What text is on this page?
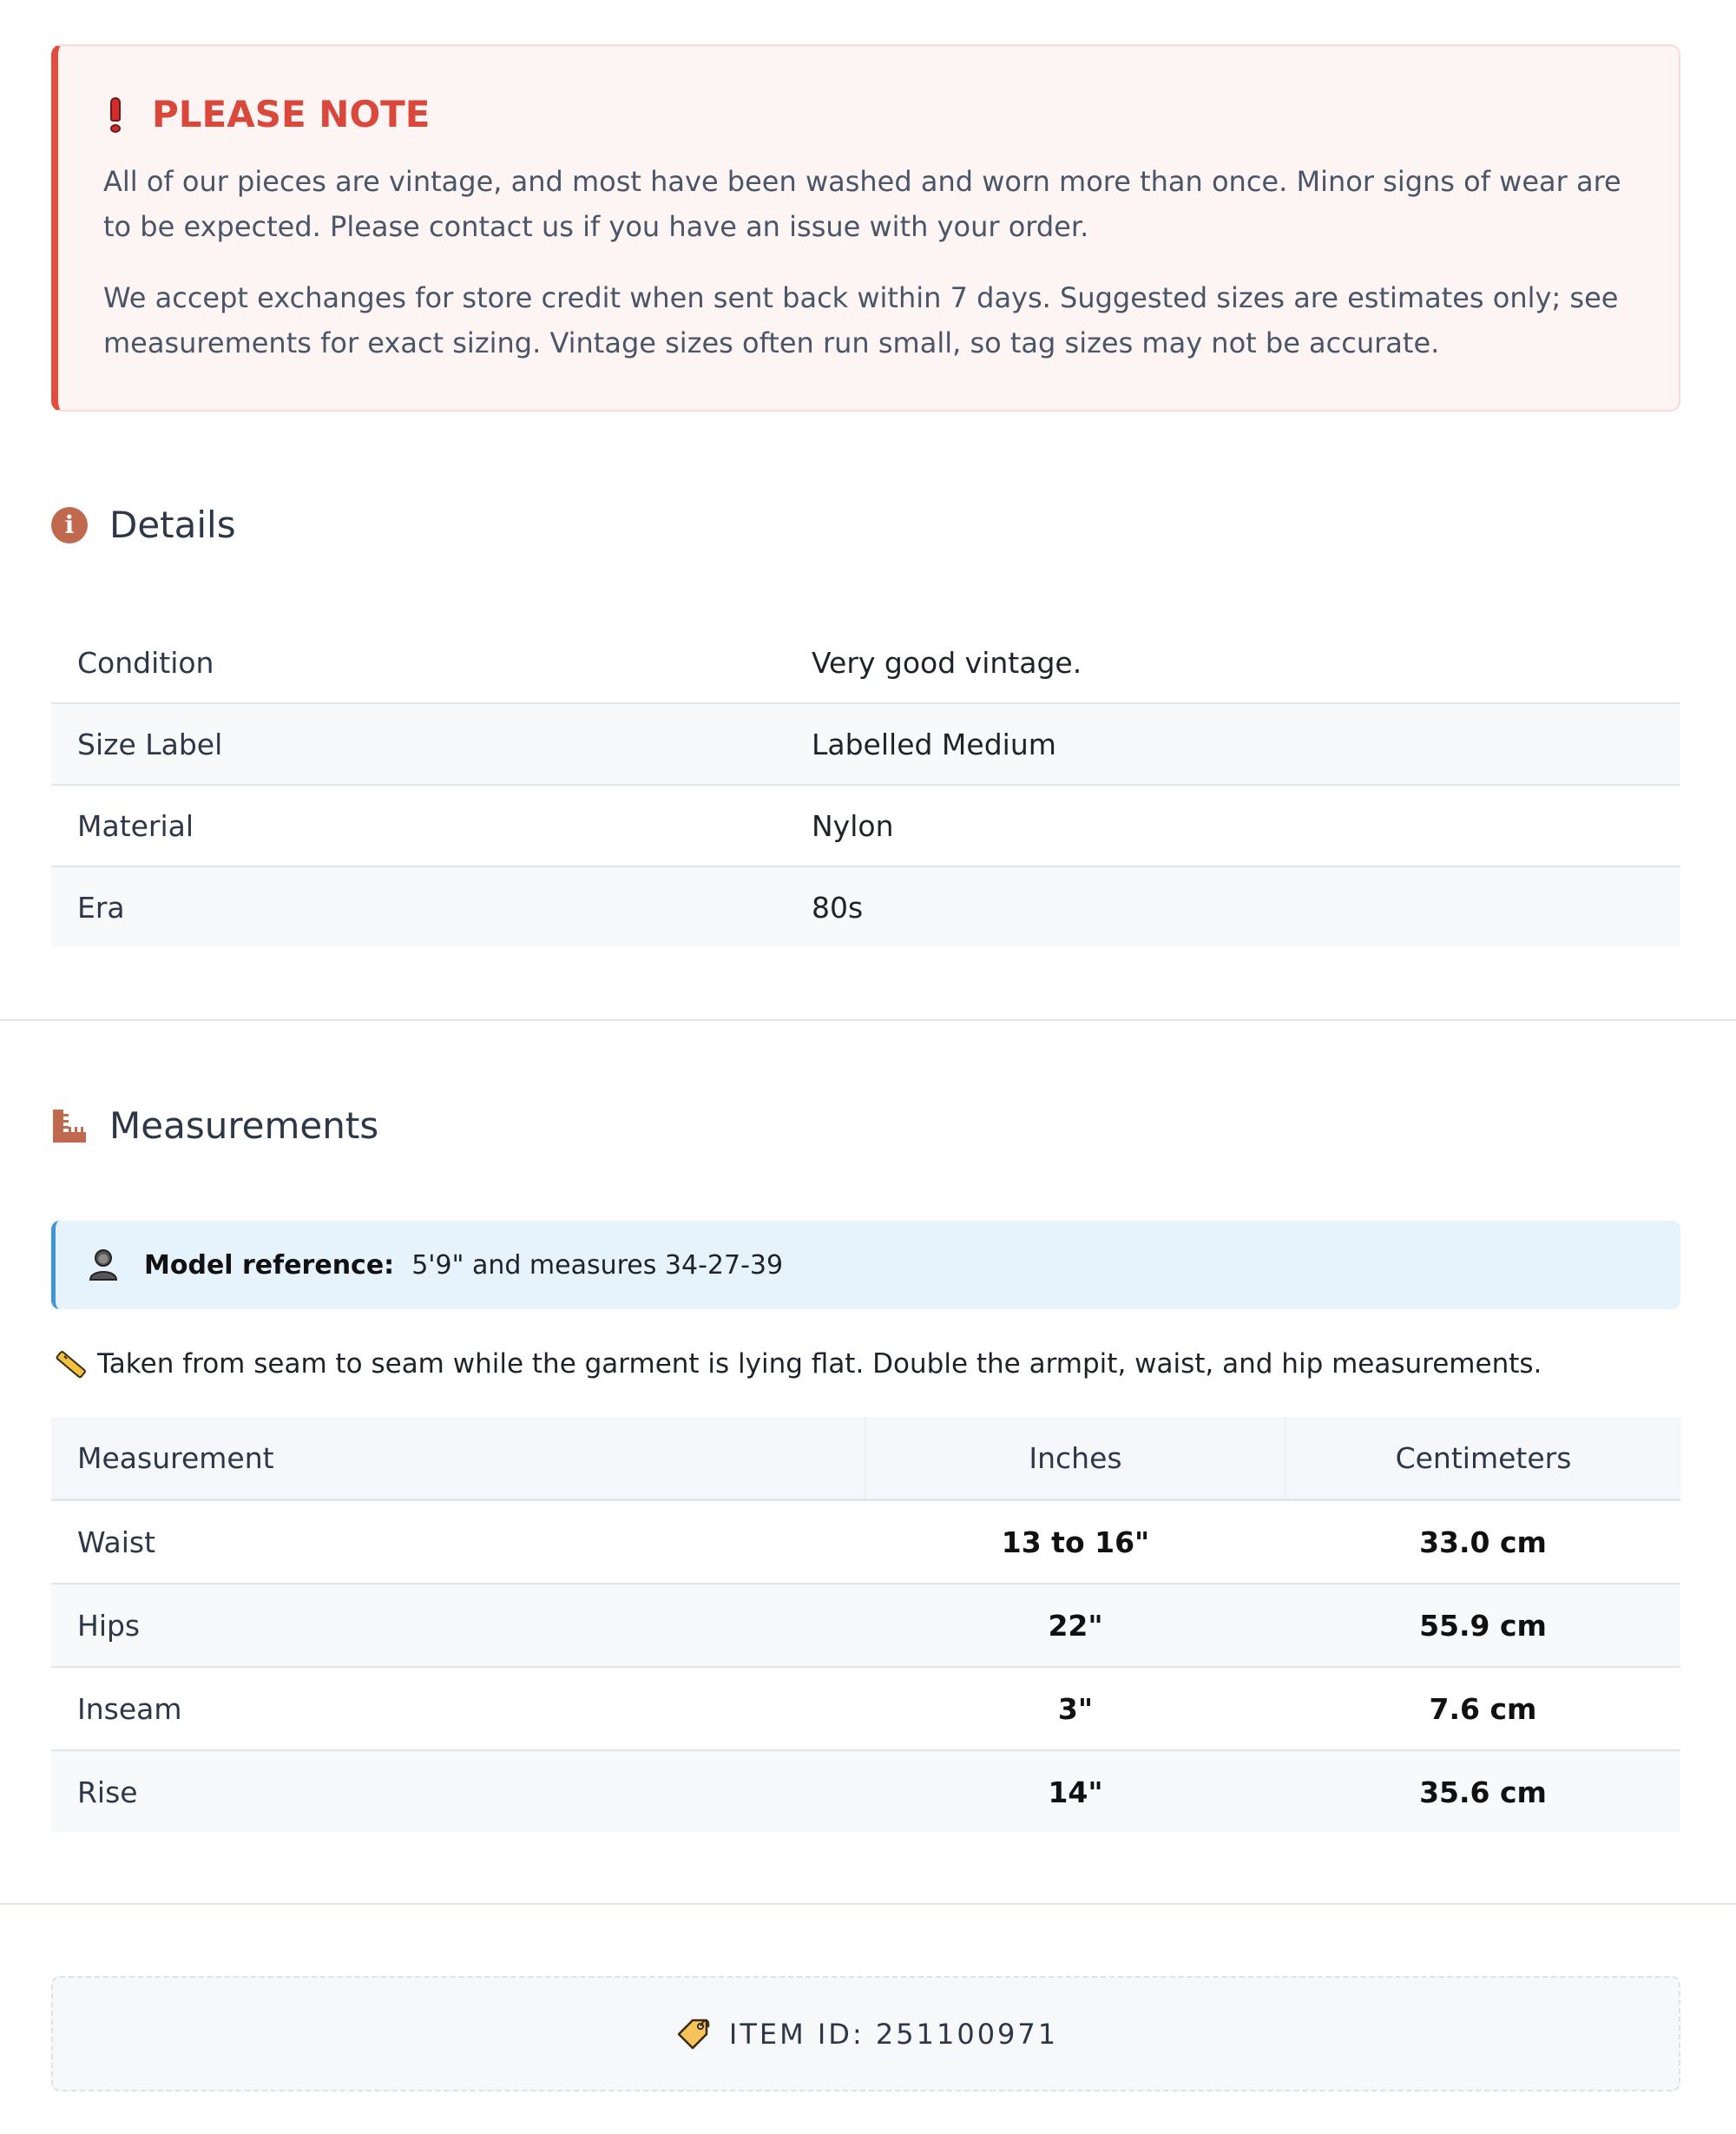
PLEASE NOTE

All of our pieces are vintage, and most have been washed and worn more than once. Minor signs of wear are to be expected. Please contact us if you have an issue with your order.

We accept exchanges for store credit when sent back within 7 days. Suggested sizes are estimates only; see measurements for exact sizing. Vintage sizes often run small, so tag sizes may not be accurate.

i Details
Condition	Very good vintage.
Size Label	Labelled Medium
Material	Nylon
Era	80s
Measurements
Model reference: 5'9" and measures 34-27-39
Taken from seam to seam while the garment is lying flat. Double the armpit, waist, and hip measurements.
Measurement	Inches	Centimeters
Waist	13 to 16"	33.0 cm
Hips	22"	55.9 cm
Inseam	3"	7.6 cm
Rise	14"	35.6 cm
ITEM ID: 251100971
